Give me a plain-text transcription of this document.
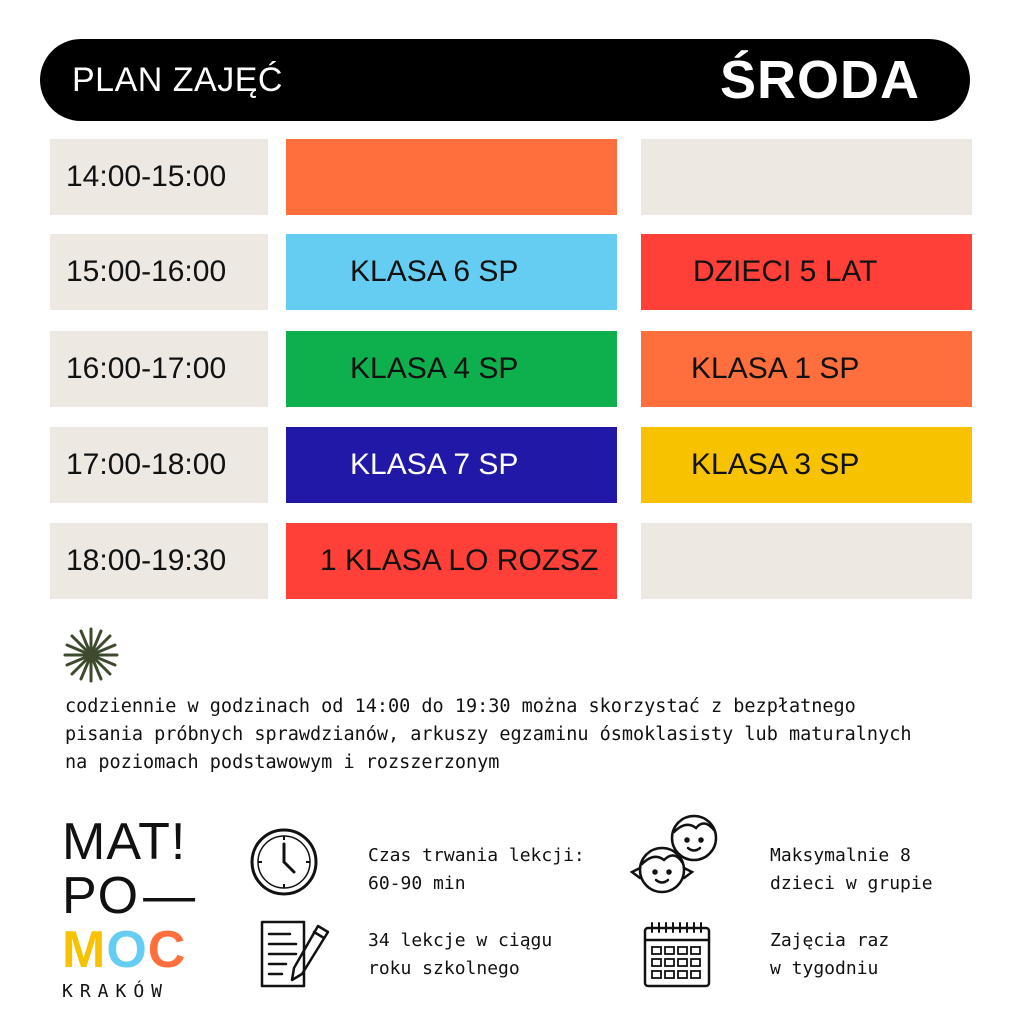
PLAN ZAJĘĆ	ŚRODA
14:00-15:00
15:00-16:00	KLASA 6 SP	DZIECI 5 LAT
16:00-17:00	KLASA 4 SP	KLASA 1 SP
17:00-18:00	KLASA 7 SP	KLASA 3 SP
18:00-19:30	1 KLASA LO ROZSZ
codziennie w godzinach od 14:00 do 19:30 można skorzystać z bezpłatnego
pisania próbnych sprawdzianów, arkuszy egzaminu ósmoklasisty lub maturalnych
na poziomach podstawowym i rozszerzonym
MAT!
PO—
MOC
KRAKÓW
Czas trwania lekcji:
60-90 min
Maksymalnie 8
dzieci w grupie
34 lekcje w ciągu
roku szkolnego
Zajęcia raz
w tygodniu
